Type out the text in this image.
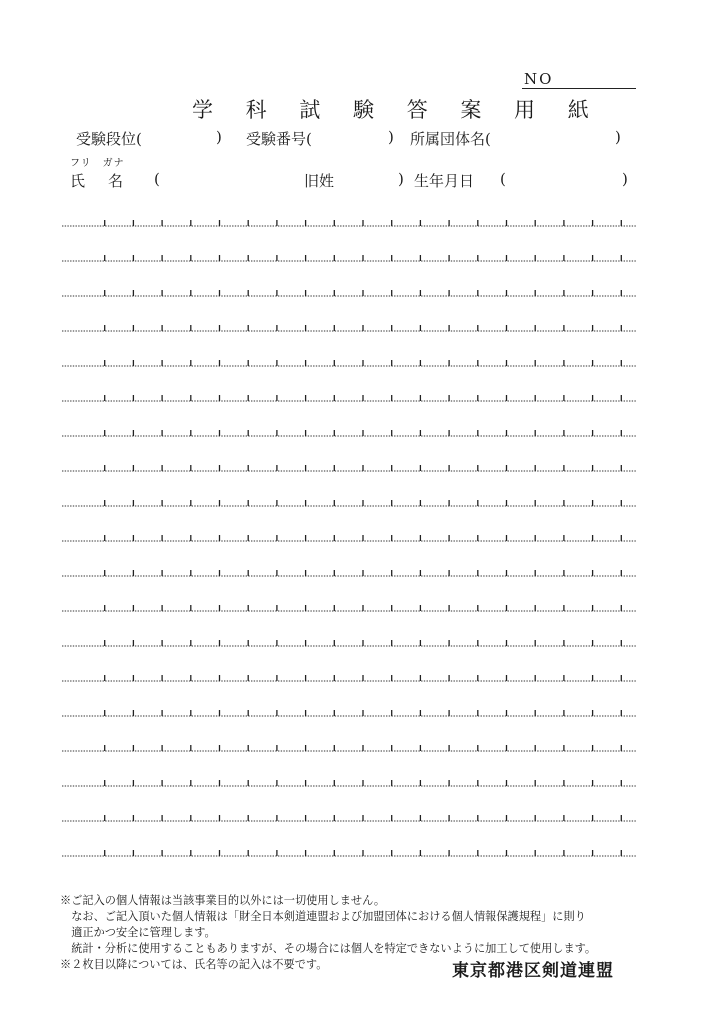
NO
学 科 試 験 答 案 用 紙
受験段位(	) 受験番号(	) 所属団体名(	)
フリ　ガナ
氏　名 (	旧姓	) 生年月日 (	)
※ご記入の個人情報は当該事業目的以外には一切使用しません。
　なお、ご記入頂いた個人情報は「財全日本剣道連盟および加盟団体における個人情報保護規程」に則り
　適正かつ安全に管理します。
　統計・分析に使用することもありますが、その場合には個人を特定できないように加工して使用します。
※２枚目以降については、氏名等の記入は不要です。	東京都港区剣道連盟
